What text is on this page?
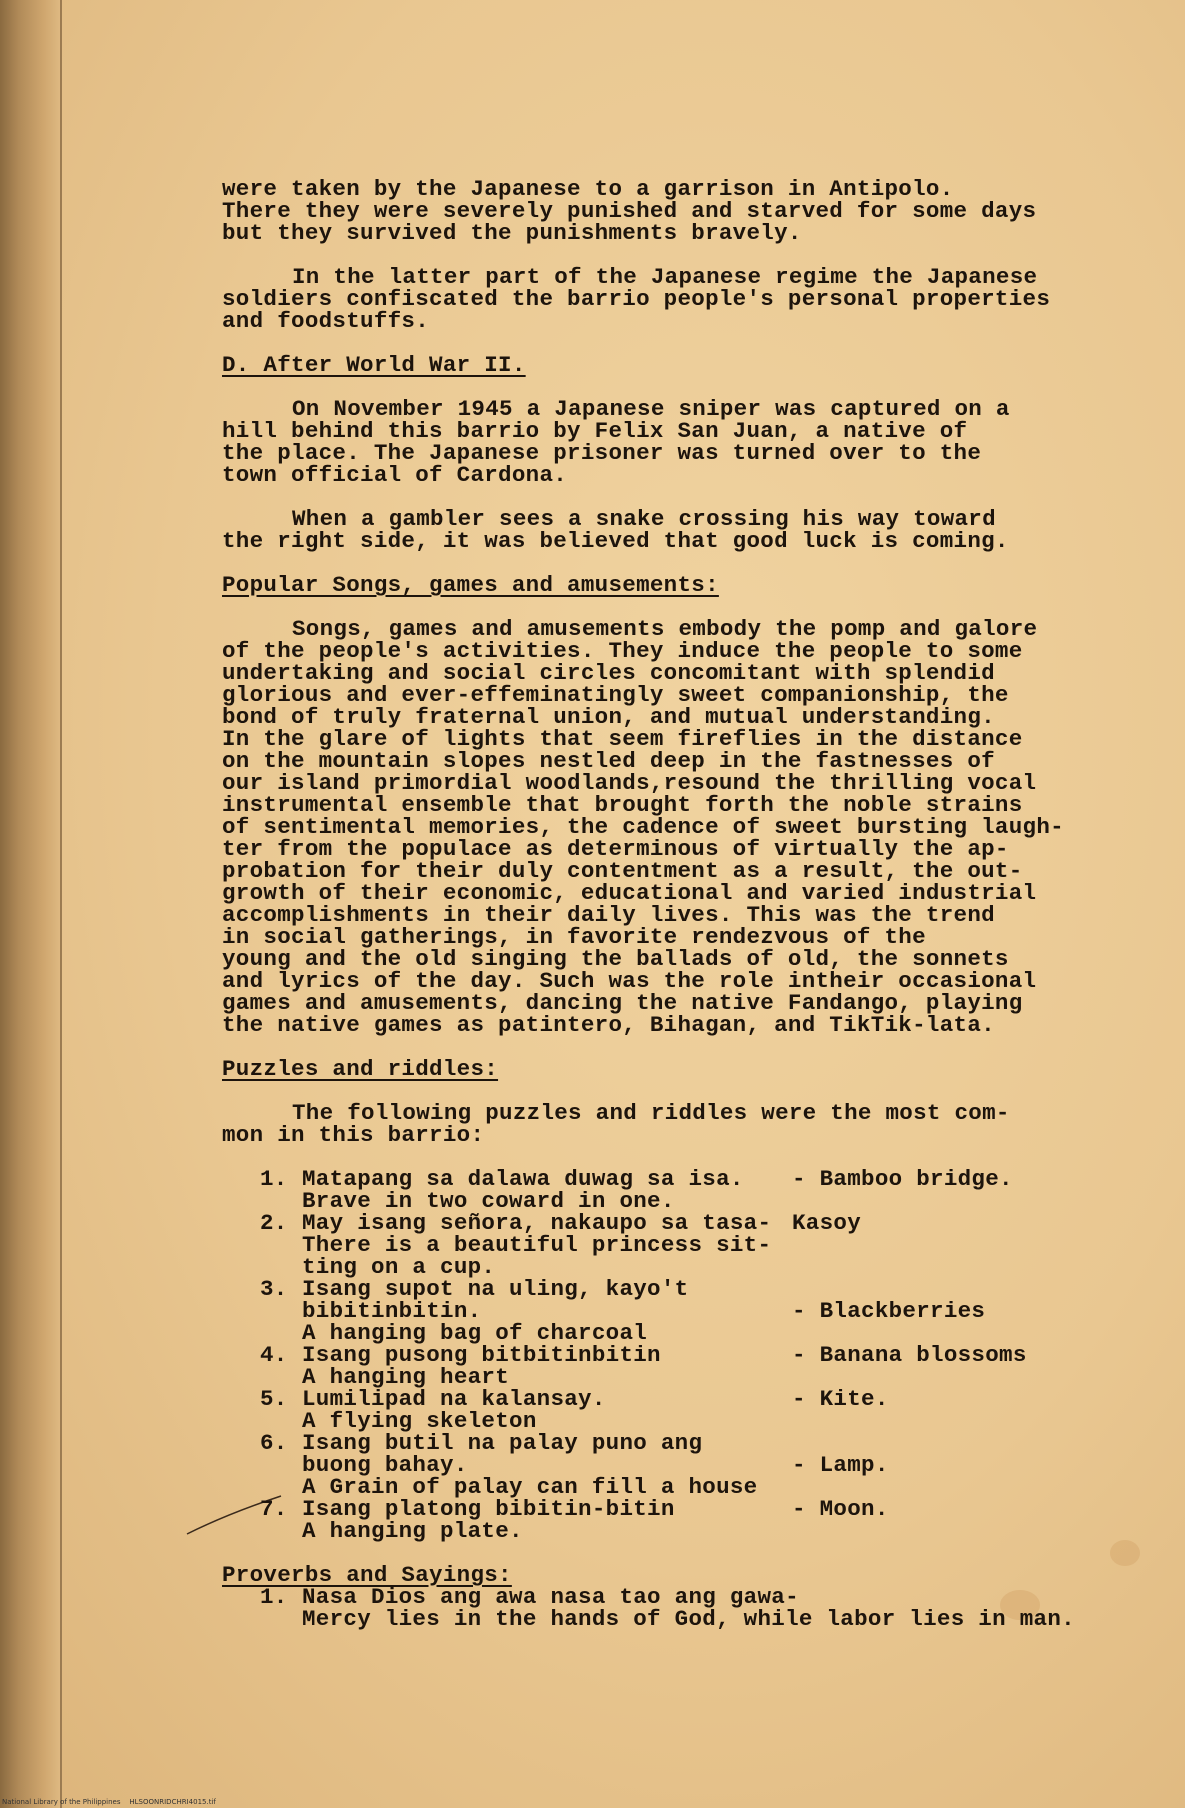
were taken by the Japanese to a garrison in Antipolo.
There they were severely punished and starved for some days
but they survived the punishments bravely.
In the latter part of the Japanese regime the Japanese
soldiers confiscated the barrio people's personal properties
and foodstuffs.
D. After World War II.
On November 1945 a Japanese sniper was captured on a
hill behind this barrio by Felix San Juan, a native of
the place. The Japanese prisoner was turned over to the
town official of Cardona.
When a gambler sees a snake crossing his way toward
the right side, it was believed that good luck is coming.
Popular Songs, games and amusements:
Songs, games and amusements embody the pomp and galore
of the people's activities. They induce the people to some
undertaking and social circles concomitant with splendid
glorious and ever-effeminatingly sweet companionship, the
bond of truly fraternal union, and mutual understanding.
In the glare of lights that seem fireflies in the distance
on the mountain slopes nestled deep in the fastnesses of
our island primordial woodlands,resound the thrilling vocal
instrumental ensemble that brought forth the noble strains
of sentimental memories, the cadence of sweet bursting laugh-
ter from the populace as determinous of virtually the ap-
probation for their duly contentment as a result, the out-
growth of their economic, educational and varied industrial
accomplishments in their daily lives. This was the trend
in social gatherings, in favorite rendezvous of the
young and the old singing the ballads of old, the sonnets
and lyrics of the day. Such was the role intheir occasional
games and amusements, dancing the native Fandango, playing
the native games as patintero, Bihagan, and TikTik-lata.
Puzzles and riddles:
The following puzzles and riddles were the most com-
mon in this barrio:
1. Matapang sa dalawa duwag sa isa.
Brave in two coward in one.
- Bamboo bridge.
2. May isang señora, nakaupo sa tasa-
There is a beautiful princess sit-
ting on a cup.
Kasoy
3. Isang supot na uling, kayo't
bibitinbitin.
A hanging bag of charcoal
- Blackberries
4. Isang pusong bitbitinbitin
A hanging heart
- Banana blossoms
5. Lumilipad na kalansay.
A flying skeleton
- Kite.
6. Isang butil na palay puno ang
buong bahay.
A Grain of palay can fill a house
- Lamp.
7. Isang platong bibitin-bitin
A hanging plate.
- Moon.
Proverbs and Sayings:
1. Nasa Dios ang awa nasa tao ang gawa-
Mercy lies in the hands of God, while labor lies in man.
National Library of the Philippines    HLSOONRIDCHRI4015.tif
